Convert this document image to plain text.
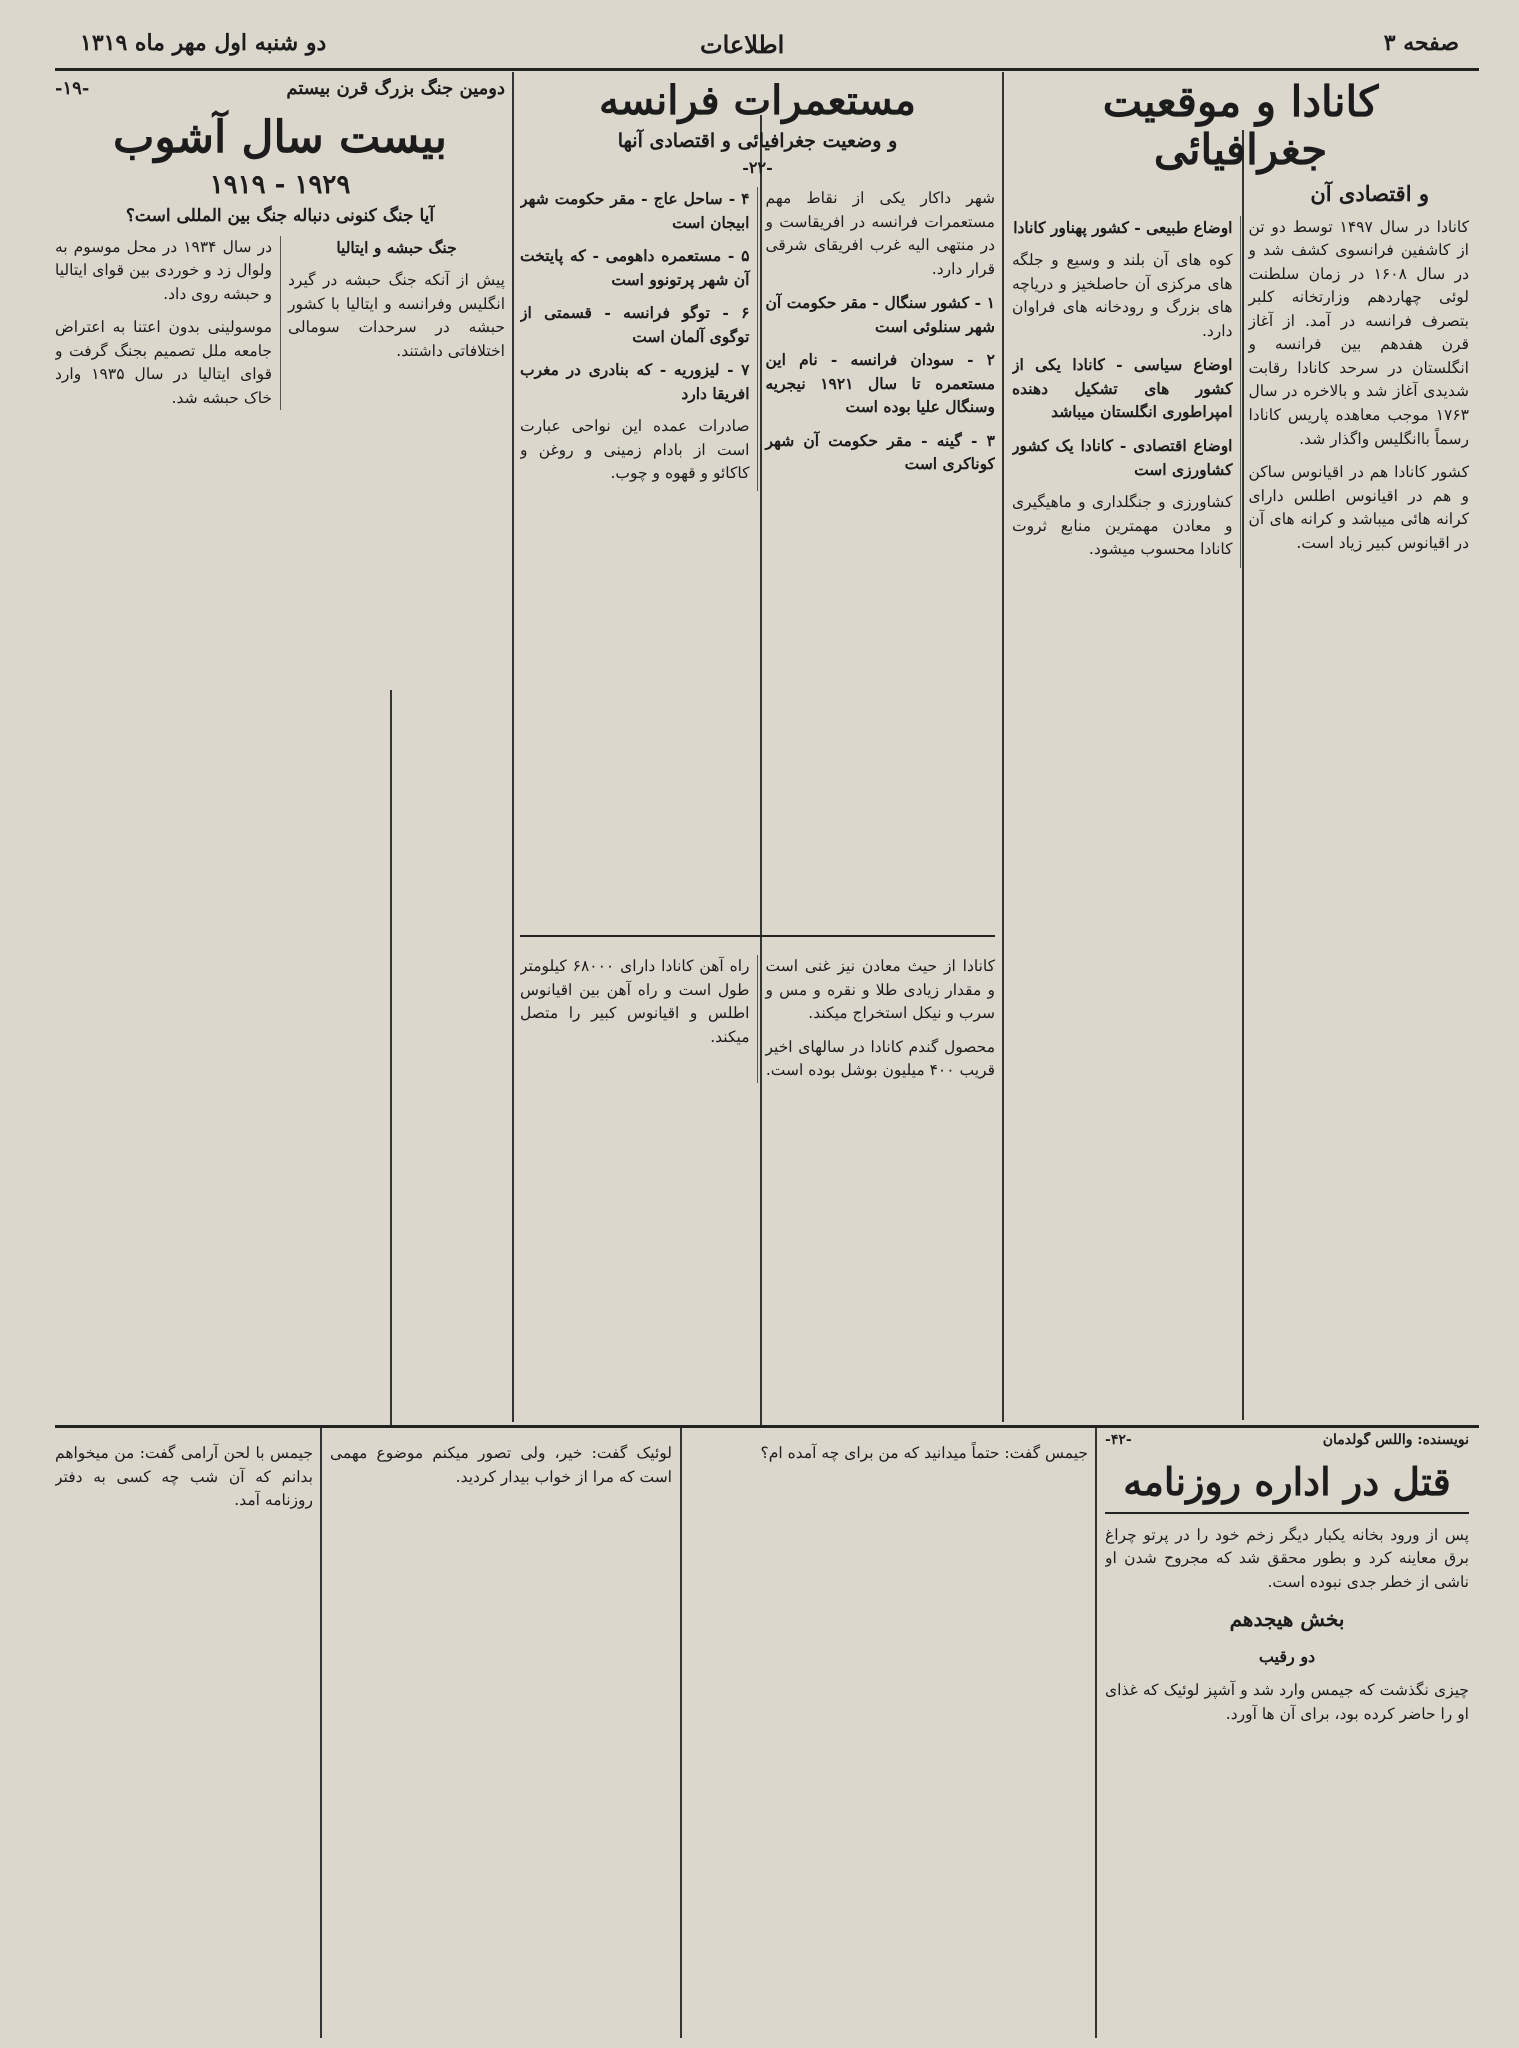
دو شنبه اول مهر ماه ۱۳۱۹	اطلاعات	صفحه ۳
کانادا و موقعیت جغرافیائی
و اقتصادی آن

کانادا در سال ۱۴۹۷ توسط دو تن از کاشفین فرانسوی کشف شد و در سال ۱۶۰۸ در زمان سلطنت لوئی چهاردهم وزارتخانه کلبر بتصرف فرانسه در آمد. از آغاز قرن هفدهم بین فرانسه و انگلستان در سرحد کانادا رقابت شدیدی آغاز شد و بالاخره در سال ۱۷۶۳ موجب معاهده پاریس کانادا رسماً باانگلیس واگذار شد.

کشور کانادا هم در اقیانوس ساکن و هم در اقیانوس اطلس دارای کرانه هائی میباشد و کرانه های آن در اقیانوس کبیر زیاد است.

اوضاع طبیعی - کشور پهناور کانادا

کوه های آن بلند و وسیع و جلگه های مرکزی آن حاصلخیز و دریاچه های بزرگ و رودخانه های فراوان دارد.

اوضاع سیاسی - کانادا یکی از کشور های تشکیل دهنده امپراطوری انگلستان میباشد

اوضاع اقتصادی - کانادا یک کشور کشاورزی است

کشاورزی و جنگلداری و ماهیگیری و معادن مهمترین منابع ثروت کانادا محسوب میشود.

مستعمرات فرانسه
و وضعیت جغرافیائی و اقتصادی آنها
-۲۲-

شهر داکار یکی از نقاط مهم مستعمرات فرانسه در افریقاست و در منتهی الیه غرب افریقای شرقی قرار دارد.

۱ - کشور سنگال - مقر حکومت آن شهر سنلوئی است

۲ - سودان فرانسه - نام این مستعمره تا سال ۱۹۲۱ نیجریه وسنگال علیا بوده است

۳ - گینه - مقر حکومت آن شهر کوناکری است

۴ - ساحل عاج - مقر حکومت شهر ابیجان است

۵ - مستعمره داهومی - که پایتخت آن شهر پرتونوو است

۶ - توگو فرانسه - قسمتی از توگوی آلمان است

۷ - لیزوریه - که بنادری در مغرب افریقا دارد

صادرات عمده این نواحی عبارت است از بادام زمینی و روغن و کاکائو و قهوه و چوب.

کانادا از حیث معادن نیز غنی است و مقدار زیادی طلا و نقره و مس و سرب و نیکل استخراج میکند.

محصول گندم کانادا در سالهای اخیر قریب ۴۰۰ میلیون بوشل بوده است.

راه آهن کانادا دارای ۶۸۰۰۰ کیلومتر طول است و راه آهن بین اقیانوس اطلس و اقیانوس کبیر را متصل میکند.

دومین جنگ بزرگ قرن بیستم
-۱۹-
بیست سال آشوب
۱۹۲۹ - ۱۹۱۹
آیا جنگ کنونی دنباله جنگ بین المللی است؟

جنگ حبشه و ایتالیا

پیش از آنکه جنگ حبشه در گیرد انگلیس وفرانسه و ایتالیا با کشور حبشه در سرحدات سومالی اختلافاتی داشتند.

در سال ۱۹۳۴ در محل موسوم به ولوال زد و خوردی بین قوای ایتالیا و حبشه روی داد.

موسولینی بدون اعتنا به اعتراض جامعه ملل تصمیم بجنگ گرفت و قوای ایتالیا در سال ۱۹۳۵ وارد خاک حبشه شد.

نویسنده: واللس گولدمان
-۴۲-
قتل در اداره روزنامه

پس از ورود بخانه یکبار دیگر زخم خود را در پرتو چراغ برق معاینه کرد و بطور محقق شد که مجروح شدن او ناشی از خطر جدی نبوده است.

بخش هیجدهم

دو رقیب

چیزی نگذشت که جیمس وارد شد و آشپز لوئیک که غذای او را حاضر کرده بود، برای آن ها آورد.

جیمس گفت: حتماً میدانید که من برای چه آمده ام؟

لوئیک گفت: خیر، ولی تصور میکنم موضوع مهمی است که مرا از خواب بیدار کردید.

جیمس با لحن آرامی گفت: من میخواهم بدانم که آن شب چه کسی به دفتر روزنامه آمد.
